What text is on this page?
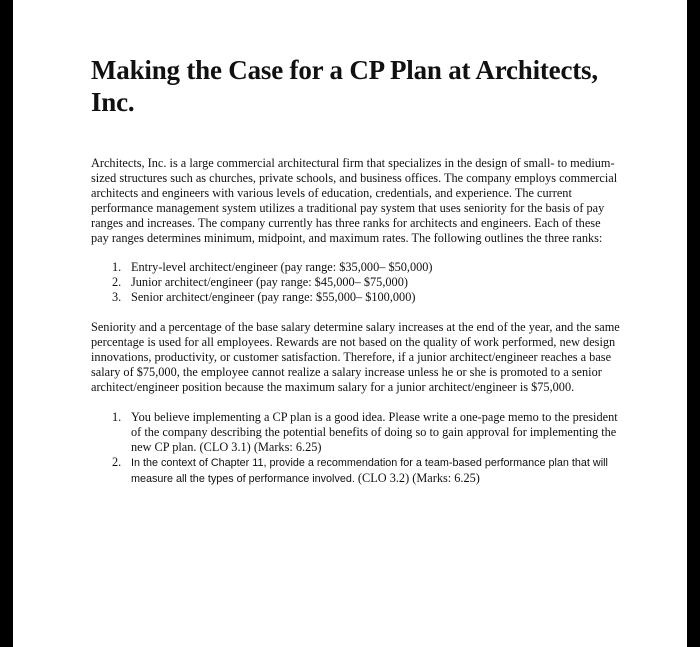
Making the Case for a CP Plan at Architects, Inc.

Architects, Inc. is a large commercial architectural firm that specializes in the design of small- to medium-sized structures such as churches, private schools, and business offices. The company employs commercial architects and engineers with various levels of education, credentials, and experience. The current performance management system utilizes a traditional pay system that uses seniority for the basis of pay ranges and increases. The company currently has three ranks for architects and engineers. Each of these pay ranges determines minimum, midpoint, and maximum rates. The following outlines the three ranks:

1. Entry-level architect/engineer (pay range: $35,000– $50,000)
2. Junior architect/engineer (pay range: $45,000– $75,000)
3. Senior architect/engineer (pay range: $55,000– $100,000)

Seniority and a percentage of the base salary determine salary increases at the end of the year, and the same percentage is used for all employees. Rewards are not based on the quality of work performed, new design innovations, productivity, or customer satisfaction. Therefore, if a junior architect/engineer reaches a base salary of $75,000, the employee cannot realize a salary increase unless he or she is promoted to a senior architect/engineer position because the maximum salary for a junior architect/engineer is $75,000.

1. You believe implementing a CP plan is a good idea. Please write a one-page memo to the president of the company describing the potential benefits of doing so to gain approval for implementing the new CP plan. (CLO 3.1) (Marks: 6.25)
2. In the context of Chapter 11, provide a recommendation for a team-based performance plan that will measure all the types of performance involved. (CLO 3.2) (Marks: 6.25)
